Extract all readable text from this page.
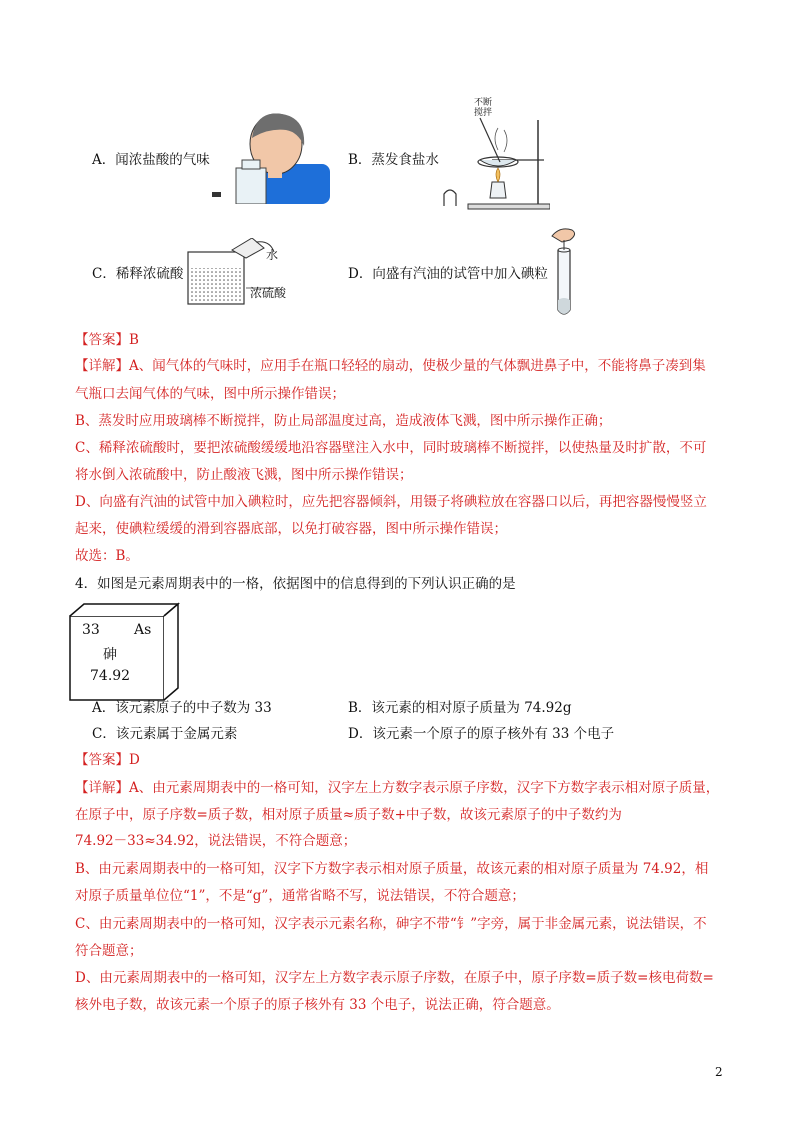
A．闻浓盐酸的气味	B．蒸发食盐水
不断
搅拌
C．稀释浓硫酸
水
浓硫酸
D．向盛有汽油的试管中加入碘粒
【答案】B
【详解】A、闻气体的气味时，应用手在瓶口轻轻的扇动，使极少量的气体飘进鼻子中，不能将鼻子凑到集
气瓶口去闻气体的气味，图中所示操作错误；
B、蒸发时应用玻璃棒不断搅拌，防止局部温度过高，造成液体飞溅，图中所示操作正确；
C、稀释浓硫酸时，要把浓硫酸缓缓地沿容器壁注入水中，同时玻璃棒不断搅拌，以使热量及时扩散，不可
将水倒入浓硫酸中，防止酸液飞溅，图中所示操作错误；
D、向盛有汽油的试管中加入碘粒时，应先把容器倾斜，用镊子将碘粒放在容器口以后，再把容器慢慢竖立
起来，使碘粒缓缓的滑到容器底部，以免打破容器，图中所示操作错误；
故选：B。
4．如图是元素周期表中的一格，依据图中的信息得到的下列认识正确的是
33 As
砷
74.92
A．该元素原子的中子数为 33	B．该元素的相对原子质量为 74.92g
C．该元素属于金属元素	D．该元素一个原子的原子核外有 33 个电子
【答案】D
【详解】A、由元素周期表中的一格可知，汉字左上方数字表示原子序数，汉字下方数字表示相对原子质量，
在原子中，原子序数=质子数，相对原子质量≈质子数+中子数，故该元素原子的中子数约为
74.92－33≈34.92，说法错误，不符合题意；
B、由元素周期表中的一格可知，汉字下方数字表示相对原子质量，故该元素的相对原子质量为 74.92，相
对原子质量单位位“1”，不是“g”，通常省略不写，说法错误，不符合题意；
C、由元素周期表中的一格可知，汉字表示元素名称，砷字不带“钅”字旁，属于非金属元素，说法错误，不
符合题意；
D、由元素周期表中的一格可知，汉字左上方数字表示原子序数，在原子中，原子序数=质子数=核电荷数=
核外电子数，故该元素一个原子的原子核外有 33 个电子，说法正确，符合题意。
2
